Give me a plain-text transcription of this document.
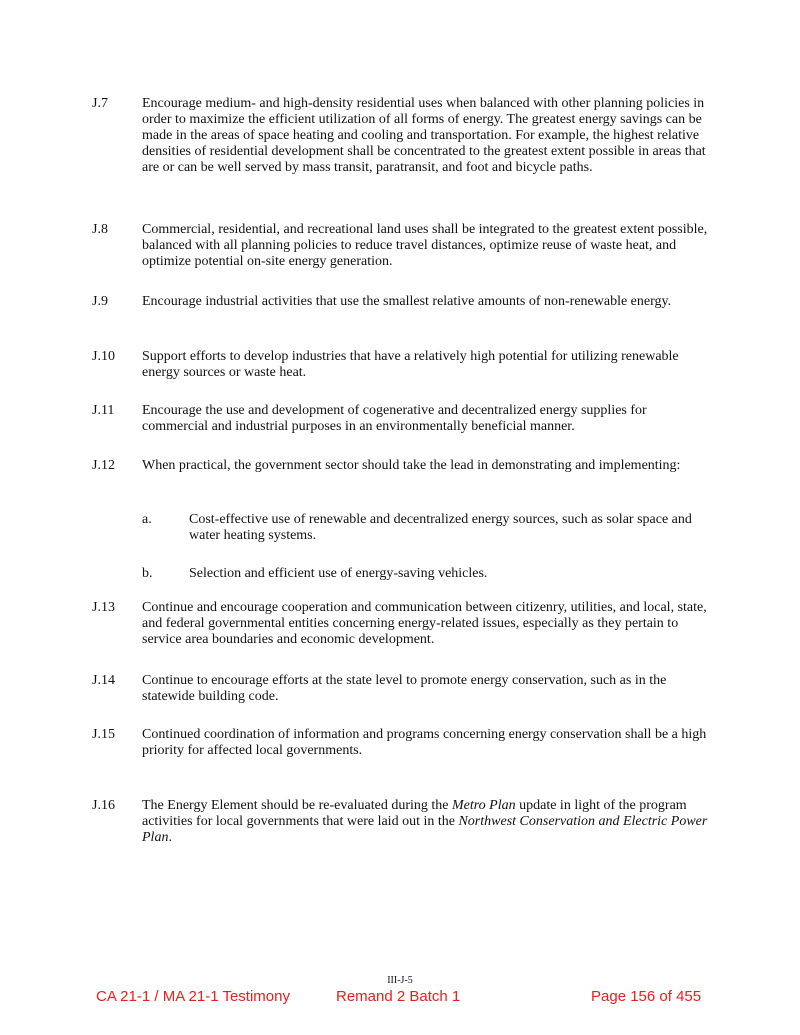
J.7	Encourage medium- and high-density residential uses when balanced with other planning policies in order to maximize the efficient utilization of all forms of energy. The greatest energy savings can be made in the areas of space heating and cooling and transportation. For example, the highest relative densities of residential development shall be concentrated to the greatest extent possible in areas that are or can be well served by mass transit, paratransit, and foot and bicycle paths.
J.8	Commercial, residential, and recreational land uses shall be integrated to the greatest extent possible, balanced with all planning policies to reduce travel distances, optimize reuse of waste heat, and optimize potential on-site energy generation.
J.9	Encourage industrial activities that use the smallest relative amounts of non-renewable energy.
J.10	Support efforts to develop industries that have a relatively high potential for utilizing renewable energy sources or waste heat.
J.11	Encourage the use and development of cogenerative and decentralized energy supplies for commercial and industrial purposes in an environmentally beneficial manner.
J.12	When practical, the government sector should take the lead in demonstrating and implementing:
a.	Cost-effective use of renewable and decentralized energy sources, such as solar space and water heating systems.
b.	Selection and efficient use of energy-saving vehicles.
J.13	Continue and encourage cooperation and communication between citizenry, utilities, and local, state, and federal governmental entities concerning energy-related issues, especially as they pertain to service area boundaries and economic development.
J.14	Continue to encourage efforts at the state level to promote energy conservation, such as in the statewide building code.
J.15	Continued coordination of information and programs concerning energy conservation shall be a high priority for affected local governments.
J.16	The Energy Element should be re-evaluated during the Metro Plan update in light of the program activities for local governments that were laid out in the Northwest Conservation and Electric Power Plan.
III-J-5
CA 21-1 / MA 21-1 Testimony	Remand 2 Batch 1	Page 156 of 455
